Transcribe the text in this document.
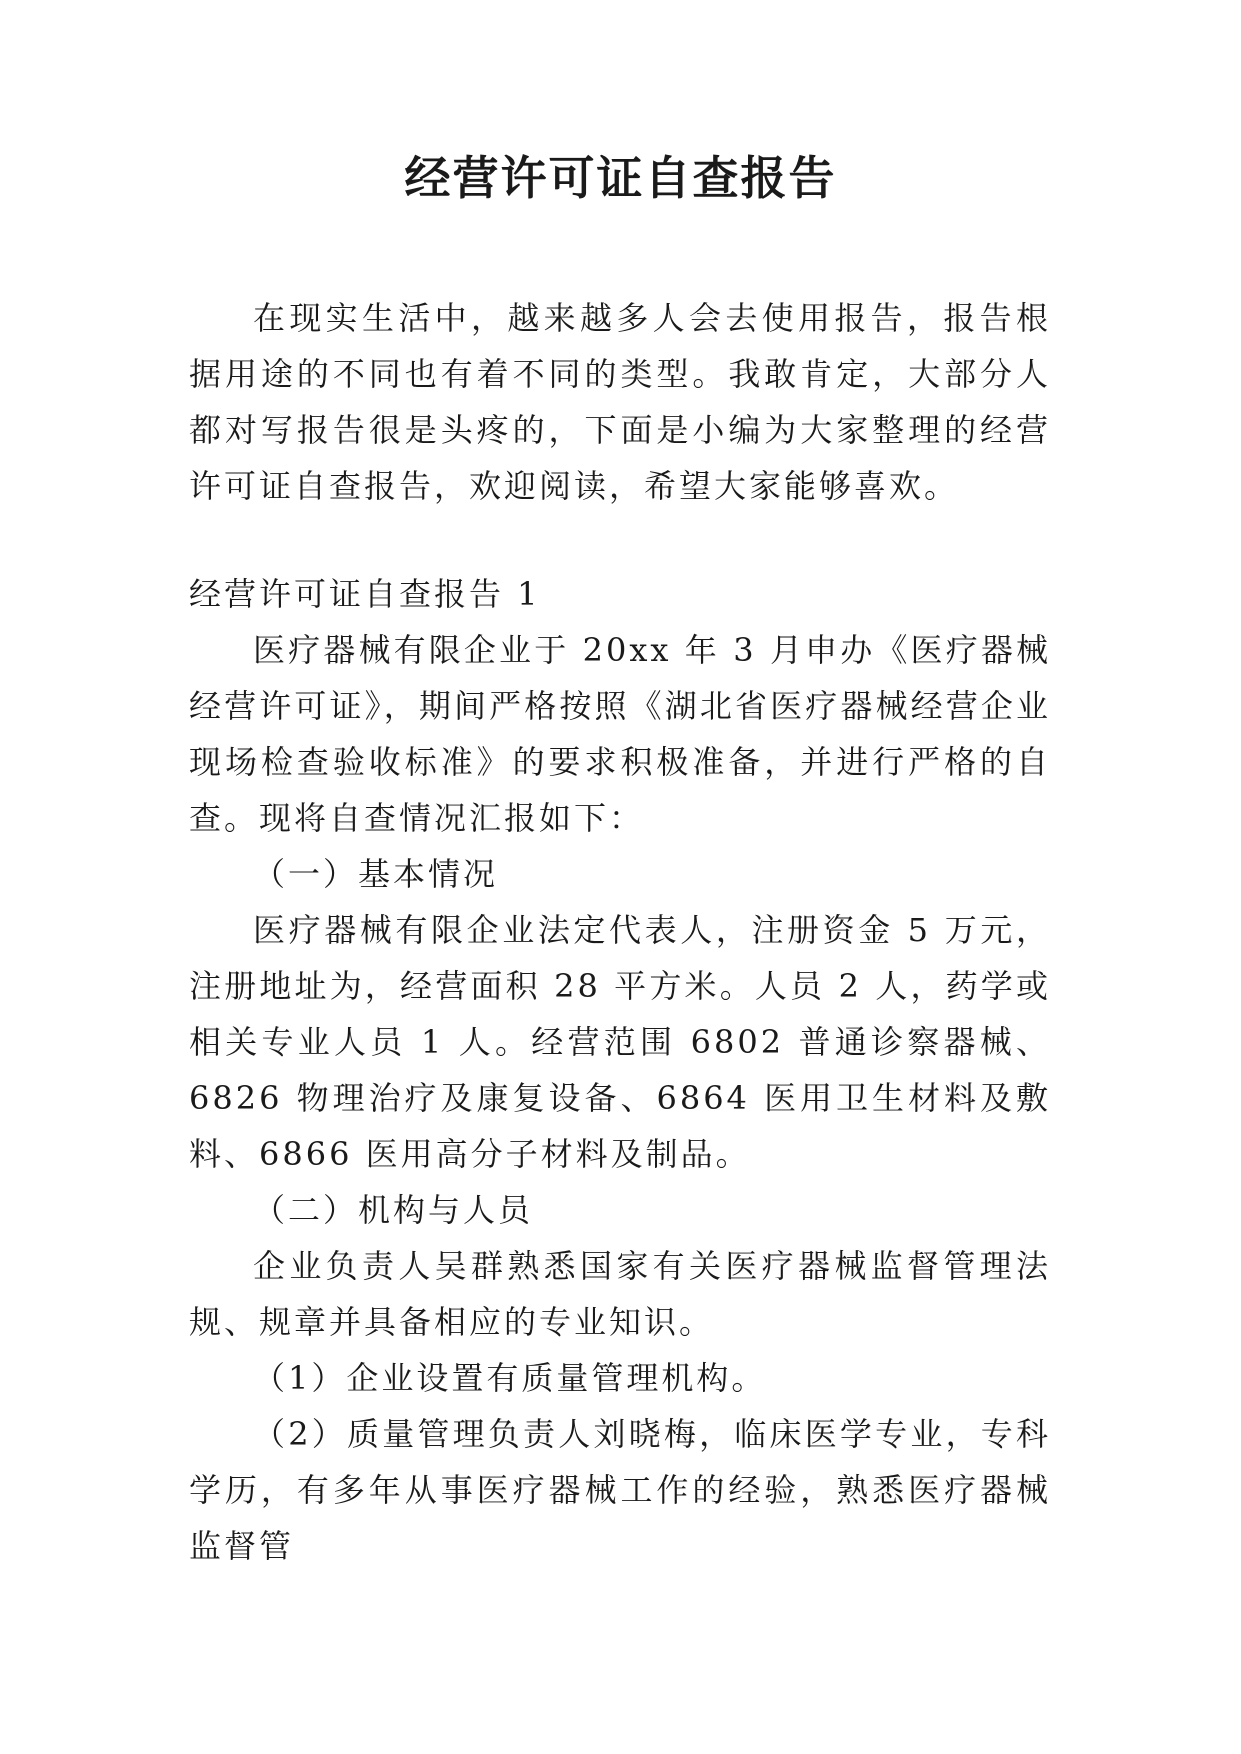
经营许可证自查报告

在现实生活中，越来越多人会去使用报告，报告根据用途的不同也有着不同的类型。我敢肯定，大部分人都对写报告很是头疼的，下面是小编为大家整理的经营许可证自查报告，欢迎阅读，希望大家能够喜欢。

经营许可证自查报告 1

医疗器械有限企业于 20xx 年 3 月申办《医疗器械经营许可证》，期间严格按照《湖北省医疗器械经营企业现场检查验收标准》的要求积极准备，并进行严格的自查。现将自查情况汇报如下：

（一）基本情况

医疗器械有限企业法定代表人，注册资金 5 万元，注册地址为，经营面积 28 平方米。人员 2 人，药学或相关专业人员 1 人。经营范围 6802 普通诊察器械、6826 物理治疗及康复设备、6864 医用卫生材料及敷料、6866 医用高分子材料及制品。

（二）机构与人员

企业负责人吴群熟悉国家有关医疗器械监督管理法规、规章并具备相应的专业知识。

（1）企业设置有质量管理机构。

（2）质量管理负责人刘晓梅，临床医学专业，专科学历，有多年从事医疗器械工作的经验，熟悉医疗器械监督管
